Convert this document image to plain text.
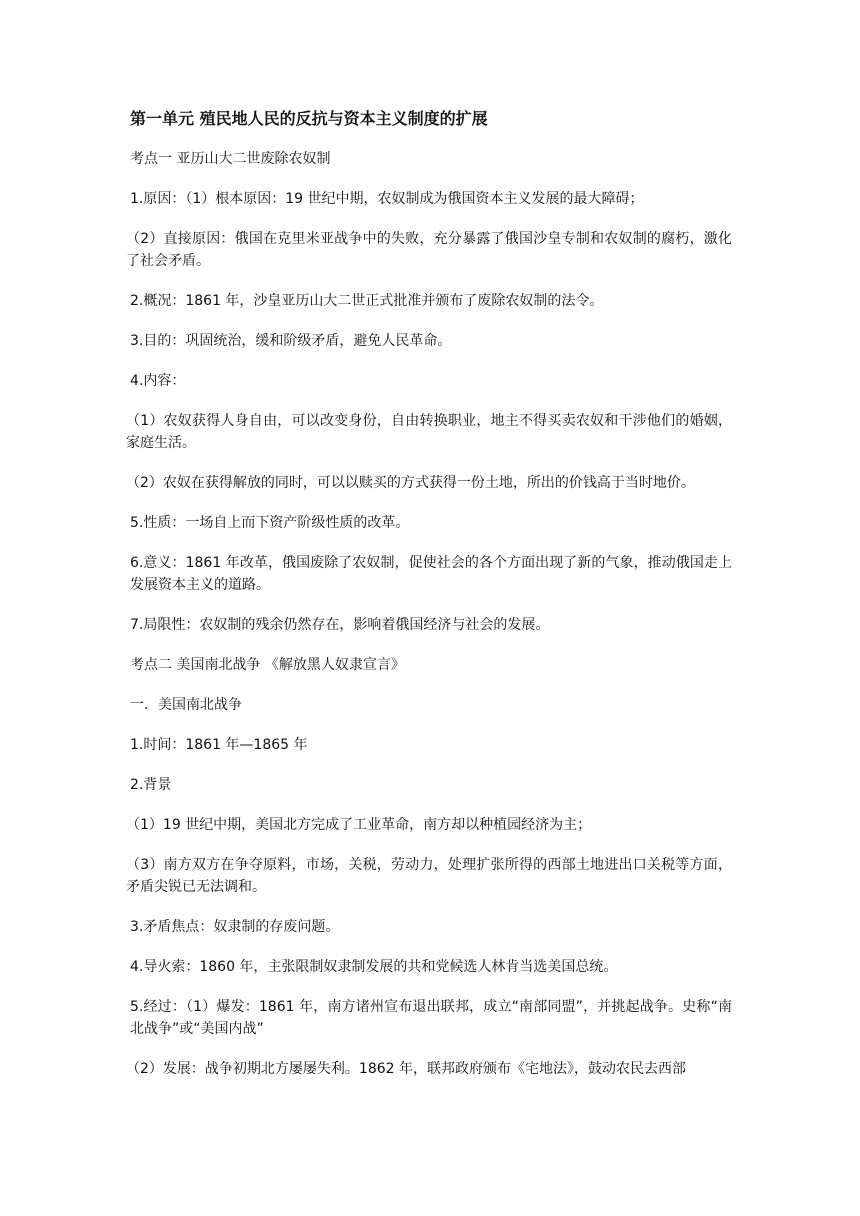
第一单元 殖民地人民的反抗与资本主义制度的扩展

考点一 亚历山大二世废除农奴制

1.原因：（1）根本原因：19 世纪中期，农奴制成为俄国资本主义发展的最大障碍；

（2）直接原因：俄国在克里米亚战争中的失败，充分暴露了俄国沙皇专制和农奴制的腐朽，激化了社会矛盾。

2.概况：1861 年，沙皇亚历山大二世正式批准并颁布了废除农奴制的法令。

3.目的：巩固统治，缓和阶级矛盾，避免人民革命。

4.内容：

（1）农奴获得人身自由，可以改变身份，自由转换职业，地主不得买卖农奴和干涉他们的婚姻，家庭生活。

（2）农奴在获得解放的同时，可以以赎买的方式获得一份土地，所出的价钱高于当时地价。

5.性质：一场自上而下资产阶级性质的改革。

6.意义：1861 年改革，俄国废除了农奴制，促使社会的各个方面出现了新的气象，推动俄国走上发展资本主义的道路。

7.局限性：农奴制的残余仍然存在，影响着俄国经济与社会的发展。

考点二 美国南北战争 《解放黑人奴隶宣言》

一．美国南北战争

1.时间：1861 年—1865 年

2.背景

（1）19 世纪中期，美国北方完成了工业革命，南方却以种植园经济为主；

（3）南方双方在争夺原料，市场，关税，劳动力，处理扩张所得的西部土地进出口关税等方面，矛盾尖锐已无法调和。

3.矛盾焦点：奴隶制的存废问题。

4.导火索：1860 年，主张限制奴隶制发展的共和党候选人林肯当选美国总统。

5.经过：（1）爆发：1861 年，南方诸州宣布退出联邦，成立“南部同盟”，并挑起战争。史称“南北战争”或“美国内战”

（2）发展：战争初期北方屡屡失利。1862 年，联邦政府颁布《宅地法》，鼓动农民去西部
